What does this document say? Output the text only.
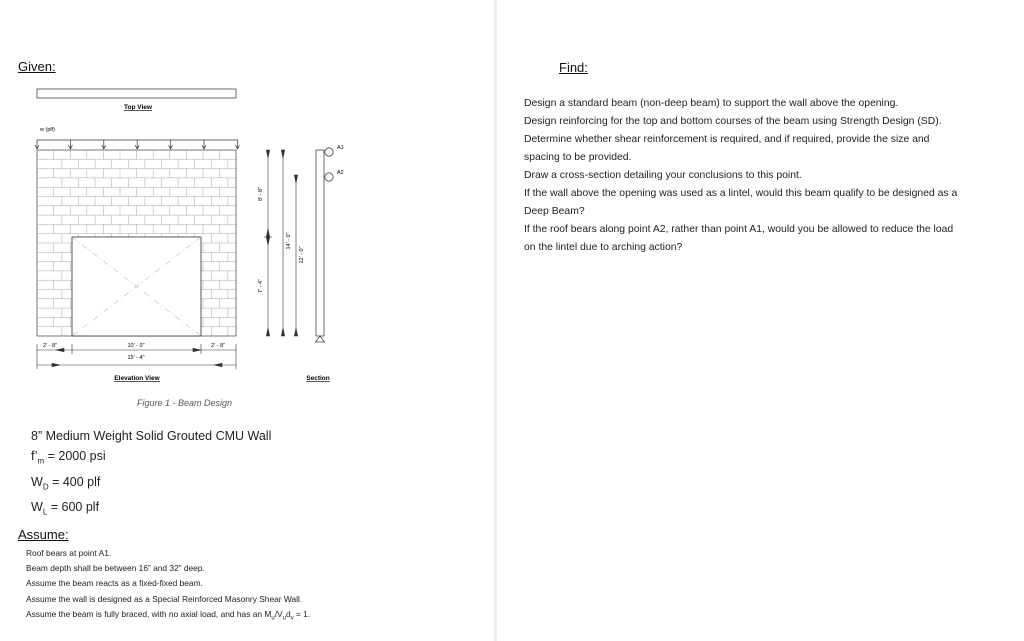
Given:
Top View
w (plf)
2' - 8"	10' - 0"	2' - 8"
15' - 4"
8' - 8"
7' - 4"
14' - 0"
12' - 0"
A1
A2
Elevation View	Section
Figure 1 - Beam Design
8” Medium Weight Solid Grouted CMU Wall
$f’_m = 2000$ psi
$W_D = 400$ plf
$W_L = 600$ plf
Assume:
Roof bears at point A1.
Beam depth shall be between 16” and 32” deep.
Assume the beam reacts as a fixed-fixed beam.
Assume the wall is designed as a Special Reinforced Masonry Shear Wall.
Assume the beam is fully braced, with no axial load, and has an $M_u/V_ud_v = 1$.
Find:
Design a standard beam (non-deep beam) to support the wall above the opening.
Design reinforcing for the top and bottom courses of the beam using Strength Design (SD).
Determine whether shear reinforcement is required, and if required, provide the size and
spacing to be provided.
Draw a cross-section detailing your conclusions to this point.
If the wall above the opening was used as a lintel, would this beam qualify to be designed as a
Deep Beam?
If the roof bears along point A2, rather than point A1, would you be allowed to reduce the load
on the lintel due to arching action?
